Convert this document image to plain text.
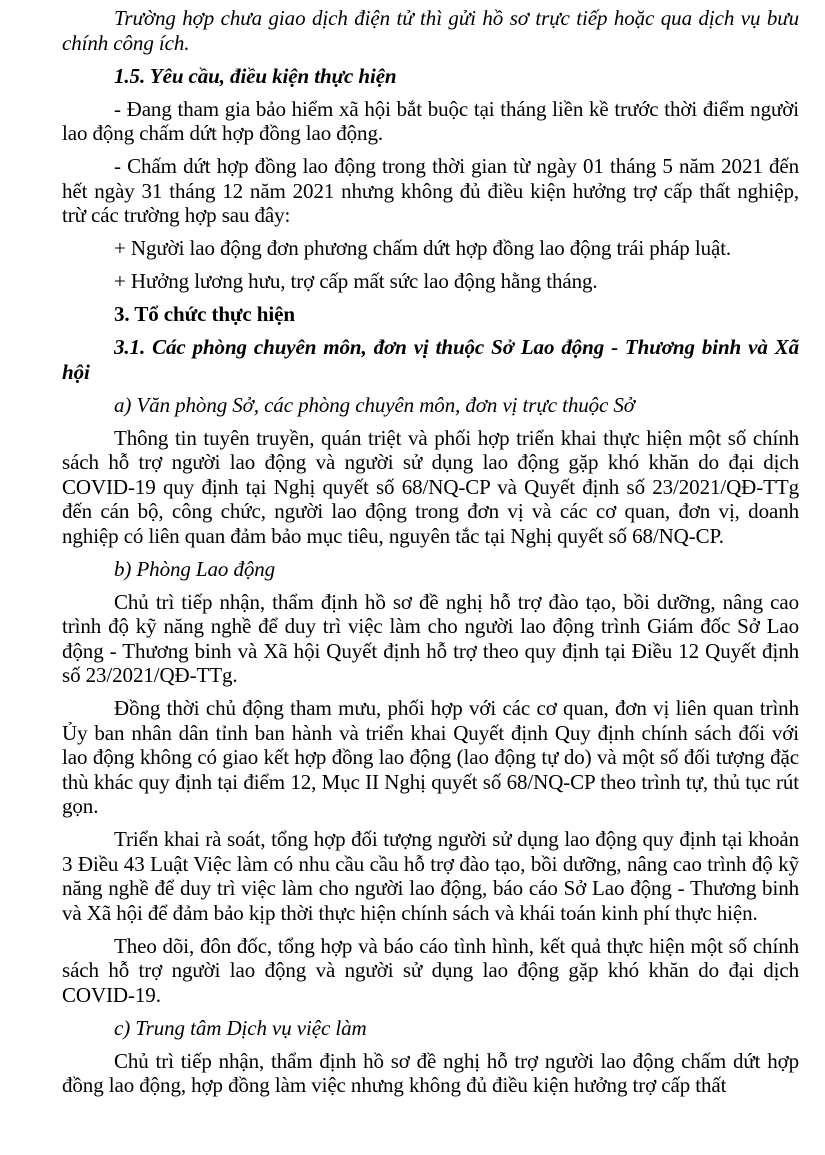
Trường hợp chưa giao dịch điện tử thì gửi hồ sơ trực tiếp hoặc qua dịch vụ bưu chính công ích.

1.5. Yêu cầu, điều kiện thực hiện

- Đang tham gia bảo hiểm xã hội bắt buộc tại tháng liền kề trước thời điểm người lao động chấm dứt hợp đồng lao động.

- Chấm dứt hợp đồng lao động trong thời gian từ ngày 01 tháng 5 năm 2021 đến hết ngày 31 tháng 12 năm 2021 nhưng không đủ điều kiện hưởng trợ cấp thất nghiệp, trừ các trường hợp sau đây:

+ Người lao động đơn phương chấm dứt hợp đồng lao động trái pháp luật.

+ Hưởng lương hưu, trợ cấp mất sức lao động hằng tháng.

3. Tổ chức thực hiện

3.1. Các phòng chuyên môn, đơn vị thuộc Sở Lao động - Thương binh và Xã hội

a) Văn phòng Sở, các phòng chuyên môn, đơn vị trực thuộc Sở

Thông tin tuyên truyền, quán triệt và phối hợp triển khai thực hiện một số chính sách hỗ trợ người lao động và người sử dụng lao động gặp khó khăn do đại dịch COVID-19 quy định tại Nghị quyết số 68/NQ-CP và Quyết định số 23/2021/QĐ-TTg đến cán bộ, công chức, người lao động trong đơn vị và các cơ quan, đơn vị, doanh nghiệp có liên quan đảm bảo mục tiêu, nguyên tắc tại Nghị quyết số 68/NQ-CP.

b) Phòng Lao động

Chủ trì tiếp nhận, thẩm định hồ sơ đề nghị hỗ trợ đào tạo, bồi dưỡng, nâng cao trình độ kỹ năng nghề để duy trì việc làm cho người lao động trình Giám đốc Sở Lao động - Thương binh và Xã hội Quyết định hỗ trợ theo quy định tại Điều 12 Quyết định số 23/2021/QĐ-TTg.

Đồng thời chủ động tham mưu, phối hợp với các cơ quan, đơn vị liên quan trình Ủy ban nhân dân tỉnh ban hành và triển khai Quyết định Quy định chính sách đối với lao động không có giao kết hợp đồng lao động (lao động tự do) và một số đối tượng đặc thù khác quy định tại điểm 12, Mục II Nghị quyết số 68/NQ-CP theo trình tự, thủ tục rút gọn.

Triển khai rà soát, tổng hợp đối tượng người sử dụng lao động quy định tại khoản 3 Điều 43 Luật Việc làm có nhu cầu cầu hỗ trợ đào tạo, bồi dưỡng, nâng cao trình độ kỹ năng nghề để duy trì việc làm cho người lao động, báo cáo Sở Lao động - Thương binh và Xã hội để đảm bảo kịp thời thực hiện chính sách và khái toán kinh phí thực hiện.

Theo dõi, đôn đốc, tổng hợp và báo cáo tình hình, kết quả thực hiện một số chính sách hỗ trợ người lao động và người sử dụng lao động gặp khó khăn do đại dịch COVID-19.

c) Trung tâm Dịch vụ việc làm

Chủ trì tiếp nhận, thẩm định hồ sơ đề nghị hỗ trợ người lao động chấm dứt hợp đồng lao động, hợp đồng làm việc nhưng không đủ điều kiện hưởng trợ cấp thất
